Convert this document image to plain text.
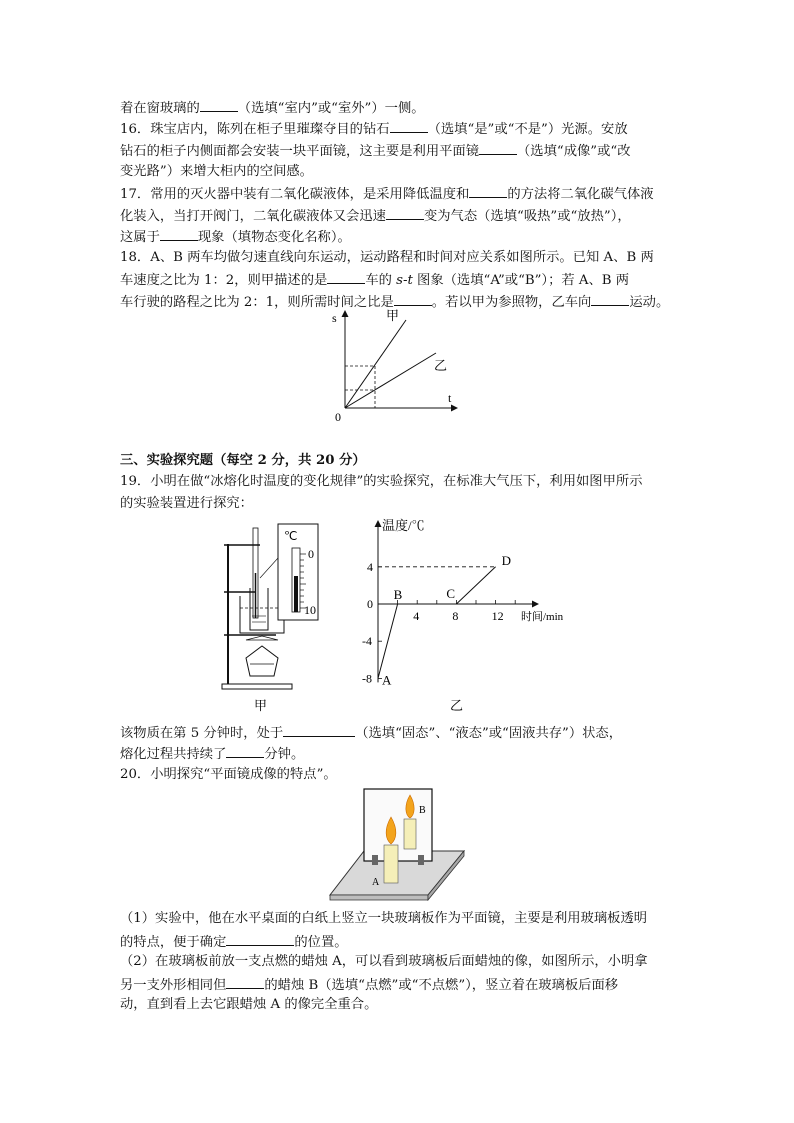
着在窗玻璃的	（选填“室内”或“室外”）一侧。
16．珠宝店内，陈列在柜子里璀璨夺目的钻石	（选填“是”或“不是”）光源。安放
钻石的柜子内侧面都会安装一块平面镜，这主要是利用平面镜	（选填“成像”或“改
变光路”）来增大柜内的空间感。
17．常用的灭火器中装有二氧化碳液体，是采用降低温度和	的方法将二氧化碳气体液
化装入，当打开阀门，二氧化碳液体又会迅速	变为气态（选填“吸热”或“放热”），
这属于	现象（填物态变化名称）。
18．A、B 两车均做匀速直线向东运动，运动路程和时间对应关系如图所示。已知 A、B 两
车速度之比为 1：2，则甲描述的是	车的 s-t 图象（选填“A”或“B”）；若 A、B 两
车行驶的路程之比为 2：1，则所需时间之比是	。若以甲为参照物，乙车向	运动。
s
t
0
甲
乙
三、实验探究题（每空 2 分，共 20 分）
19．小明在做“冰熔化时温度的变化规律”的实验探究，在标准大气压下，利用如图甲所示
的实验装置进行探究：
甲
℃
0
10
温度/℃
时间/min
4	8	12
4
0
-4
-8 A
B	C
D
乙
该物质在第 5 分钟时，处于	（选填“固态”、“液态”或“固液共存”）状态，
熔化过程共持续了	分钟。
20．小明探究“平面镜成像的特点”。
B
A
（1）实验中，他在水平桌面的白纸上竖立一块玻璃板作为平面镜，主要是利用玻璃板透明
的特点，便于确定	的位置。
（2）在玻璃板前放一支点燃的蜡烛 A，可以看到玻璃板后面蜡烛的像，如图所示，小明拿
另一支外形相同但	的蜡烛 B（选填“点燃”或“不点燃”），竖立着在玻璃板后面移
动，直到看上去它跟蜡烛 A 的像完全重合。
